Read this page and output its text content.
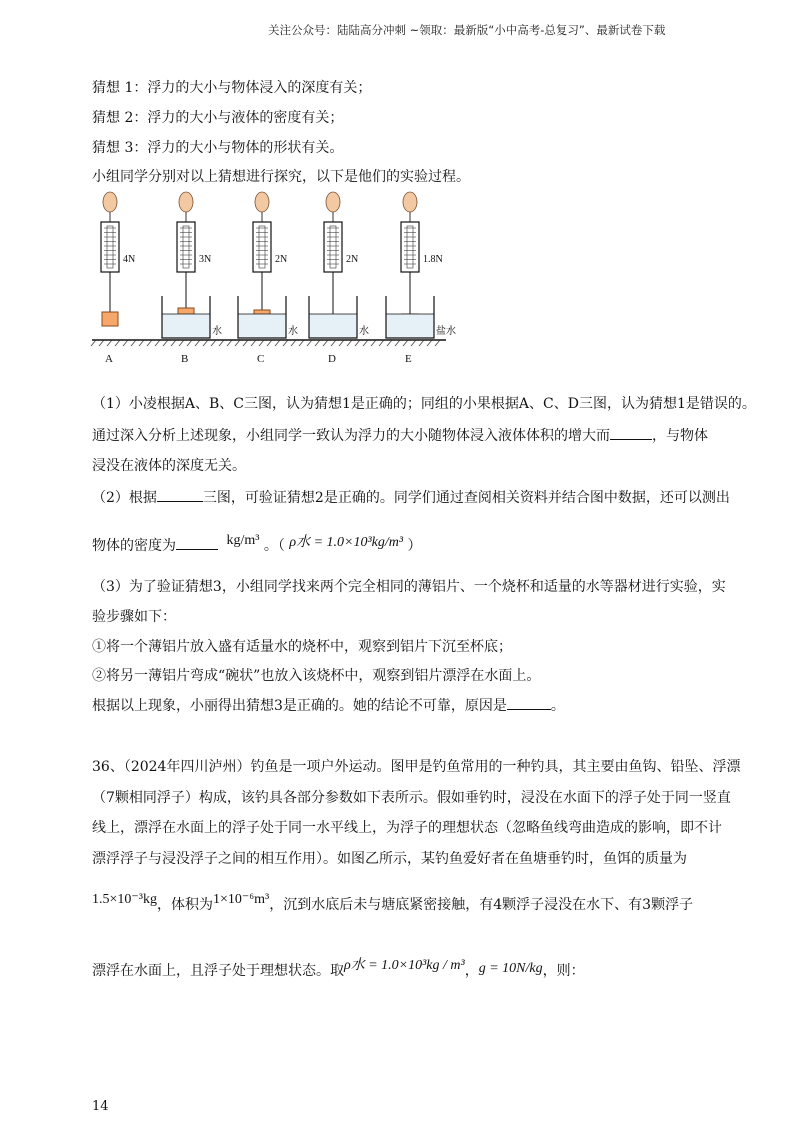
关注公众号：陆陆高分冲刺 ~领取：最新版“小中高考-总复习”、最新试卷下载
猜想 1：浮力的大小与物体浸入的深度有关；
猜想 2：浮力的大小与液体的密度有关；
猜想 3：浮力的大小与物体的形状有关。
小组同学分别对以上猜想进行探究，以下是他们的实验过程。
4N
A
3N
水
B
2N
水
C
2N
水
D
1.8N
盐水
E
（1）小凌根据A、B、C三图，认为猜想1是正确的；同组的小果根据A、C、D三图，认为猜想1是错误的。
通过深入分析上述现象，小组同学一致认为浮力的大小随物体浸入液体体积的增大而	，与物体
浸没在液体的深度无关。
（2）根据	三图，可验证猜想2是正确的。同学们通过查阅相关资料并结合图中数据，还可以测出
物体的密度为	kg/m³ 。（ ρ水 = 1.0×10³kg/m³ ）
（3）为了验证猜想3，小组同学找来两个完全相同的薄铝片、一个烧杯和适量的水等器材进行实验，实
验步骤如下：
①将一个薄铝片放入盛有适量水的烧杯中，观察到铝片下沉至杯底；
②将另一薄铝片弯成“碗状”也放入该烧杯中，观察到铝片漂浮在水面上。
根据以上现象，小丽得出猜想3是正确的。她的结论不可靠，原因是	。
36、（2024年四川泸州）钓鱼是一项户外运动。图甲是钓鱼常用的一种钓具，其主要由鱼钩、铅坠、浮漂
（7颗相同浮子）构成，该钓具各部分参数如下表所示。假如垂钓时，浸没在水面下的浮子处于同一竖直
线上，漂浮在水面上的浮子处于同一水平线上，为浮子的理想状态（忽略鱼线弯曲造成的影响，即不计
漂浮浮子与浸没浮子之间的相互作用）。如图乙所示，某钓鱼爱好者在鱼塘垂钓时，鱼饵的质量为
1.5×10⁻³kg，体积为1×10⁻⁶m³，沉到水底后未与塘底紧密接触，有4颗浮子浸没在水下、有3颗浮子
漂浮在水面上，且浮子处于理想状态。取ρ水 = 1.0×10³kg / m³，g = 10N/kg，则：
14
